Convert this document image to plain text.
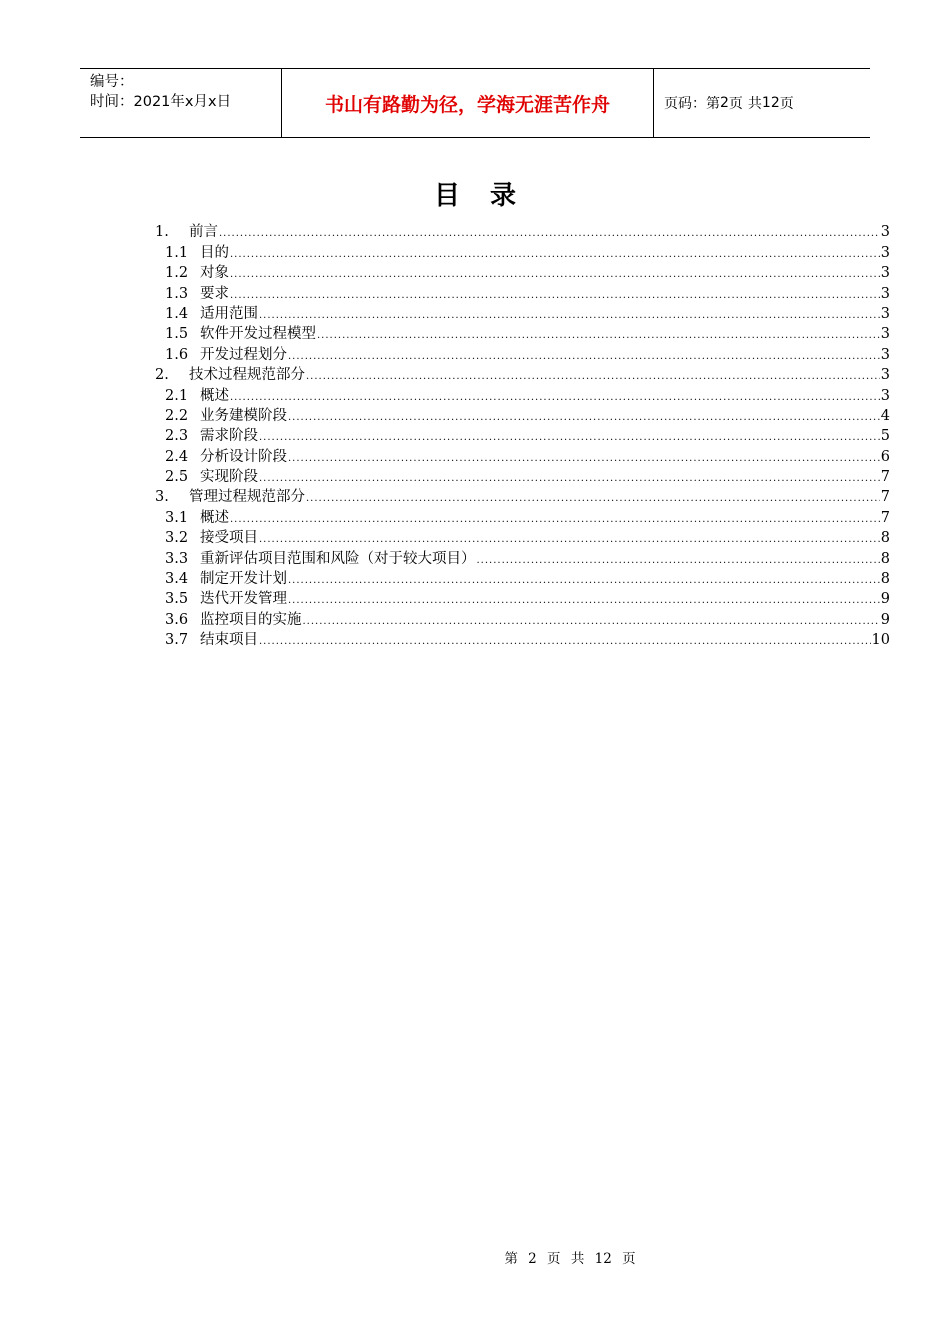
编号：
时间：2021年x月x日	书山有路勤为径，学海无涯苦作舟	页码：第 2 页 共 12 页
目录
1.	前言 .....	3
1.1 目的 .....	3
1.2 对象 .....	3
1.3 要求 .....	3
1.4 适用范围 .....	3
1.5 软件开发过程模型 .....	3
1.6 开发过程划分 .....	3
2.	技术过程规范部分 .....	3
2.1 概述 .....	3
2.2 业务建模阶段 .....	4
2.3 需求阶段 .....	5
2.4 分析设计阶段 .....	6
2.5 实现阶段 .....	7
3.	管理过程规范部分 .....	7
3.1 概述 .....	7
3.2 接受项目 .....	8
3.3 重新评估项目范围和风险（对于较大项目） .....	8
3.4 制定开发计划 .....	8
3.5 迭代开发管理 .....	9
3.6 监控项目的实施 .....	9
3.7 结束项目 .....	10
第 2 页 共 12 页
